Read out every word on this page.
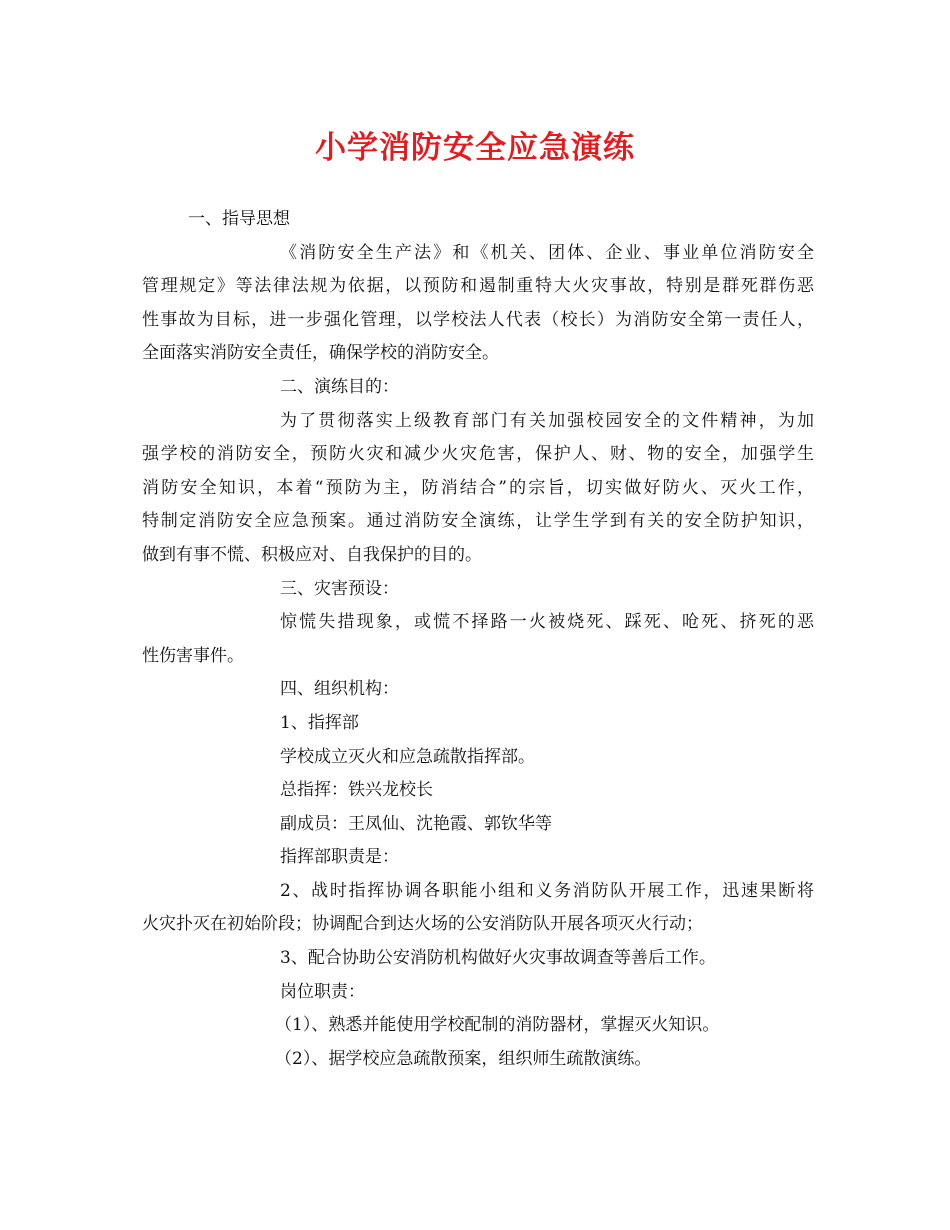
小学消防安全应急演练
一、指导思想
《消防安全生产法》和《机关、团体、企业、事业单位消防安全
管理规定》等法律法规为依据，以预防和遏制重特大火灾事故，特别是群死群伤恶
性事故为目标，进一步强化管理，以学校法人代表（校长）为消防安全第一责任人，
全面落实消防安全责任，确保学校的消防安全。
二、演练目的：
为了贯彻落实上级教育部门有关加强校园安全的文件精神，为加
强学校的消防安全，预防火灾和减少火灾危害，保护人、财、物的安全，加强学生
消防安全知识，本着“预防为主，防消结合”的宗旨，切实做好防火、灭火工作，
特制定消防安全应急预案。通过消防安全演练，让学生学到有关的安全防护知识，
做到有事不慌、积极应对、自我保护的目的。
三、灾害预设：
惊慌失措现象，或慌不择路一火被烧死、踩死、呛死、挤死的恶
性伤害事件。
四、组织机构：
1、指挥部
学校成立灭火和应急疏散指挥部。
总指挥：铁兴龙校长
副成员：王凤仙、沈艳霞、郭钦华等
指挥部职责是：
2、战时指挥协调各职能小组和义务消防队开展工作，迅速果断将
火灾扑灭在初始阶段；协调配合到达火场的公安消防队开展各项灭火行动；
3、配合协助公安消防机构做好火灾事故调查等善后工作。
岗位职责：
（1）、熟悉并能使用学校配制的消防器材，掌握灭火知识。
（2）、据学校应急疏散预案，组织师生疏散演练。
